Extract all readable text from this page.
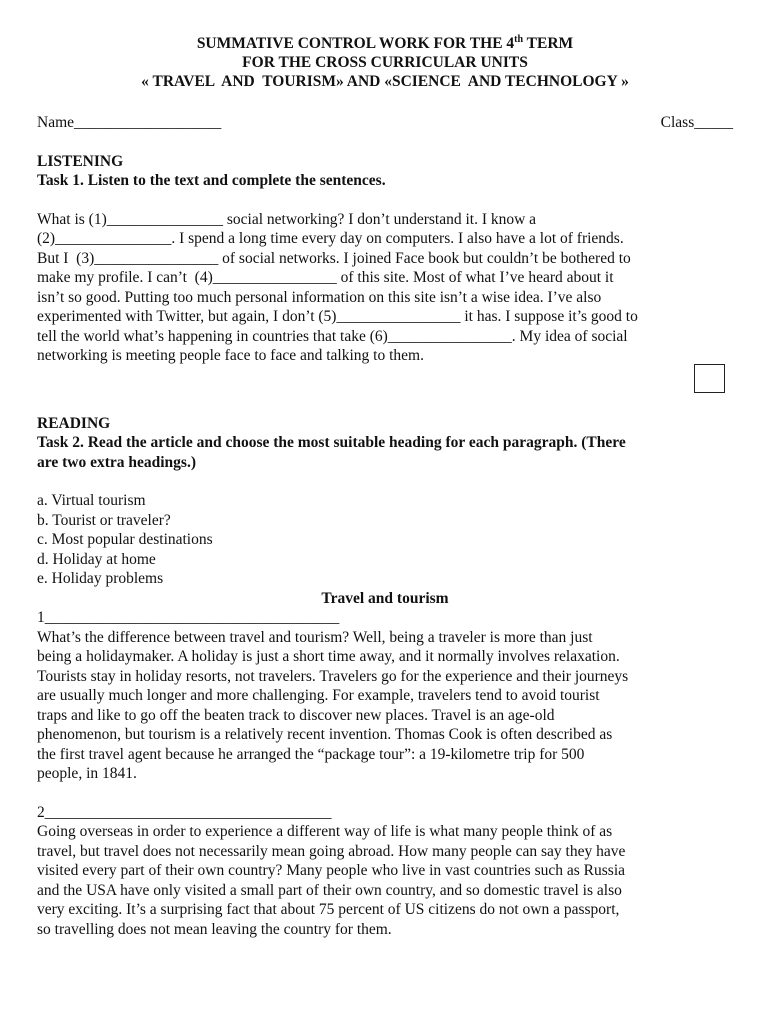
SUMMATIVE CONTROL WORK FOR THE 4th TERM
FOR THE CROSS CURRICULAR UNITS
« TRAVEL  AND  TOURISM» AND «SCIENCE  AND TECHNOLOGY »
Name___________________	Class_____
LISTENING
Task 1. Listen to the text and complete the sentences.
What is (1)_______________ social networking? I don’t understand it. I know a
(2)_______________. I spend a long time every day on computers. I also have a lot of friends.
But I  (3)________________ of social networks. I joined Face book but couldn’t be bothered to
make my profile. I can’t  (4)________________ of this site. Most of what I’ve heard about it
isn’t so good. Putting too much personal information on this site isn’t a wise idea. I’ve also
experimented with Twitter, but again, I don’t (5)________________ it has. I suppose it’s good to
tell the world what’s happening in countries that take (6)________________. My idea of social
networking is meeting people face to face and talking to them.
READING
Task 2. Read the article and choose the most suitable heading for each paragraph. (There
are two extra headings.)
a. Virtual tourism
b. Tourist or traveler?
c. Most popular destinations
d. Holiday at home
e. Holiday problems
Travel and tourism
1______________________________________
What’s the difference between travel and tourism? Well, being a traveler is more than just
being a holidaymaker. A holiday is just a short time away, and it normally involves relaxation.
Tourists stay in holiday resorts, not travelers. Travelers go for the experience and their journeys
are usually much longer and more challenging. For example, travelers tend to avoid tourist
traps and like to go off the beaten track to discover new places. Travel is an age-old
phenomenon, but tourism is a relatively recent invention. Thomas Cook is often described as
the first travel agent because he arranged the “package tour”: a 19-kilometre trip for 500
people, in 1841.
2_____________________________________
Going overseas in order to experience a different way of life is what many people think of as
travel, but travel does not necessarily mean going abroad. How many people can say they have
visited every part of their own country? Many people who live in vast countries such as Russia
and the USA have only visited a small part of their own country, and so domestic travel is also
very exciting. It’s a surprising fact that about 75 percent of US citizens do not own a passport,
so travelling does not mean leaving the country for them.
